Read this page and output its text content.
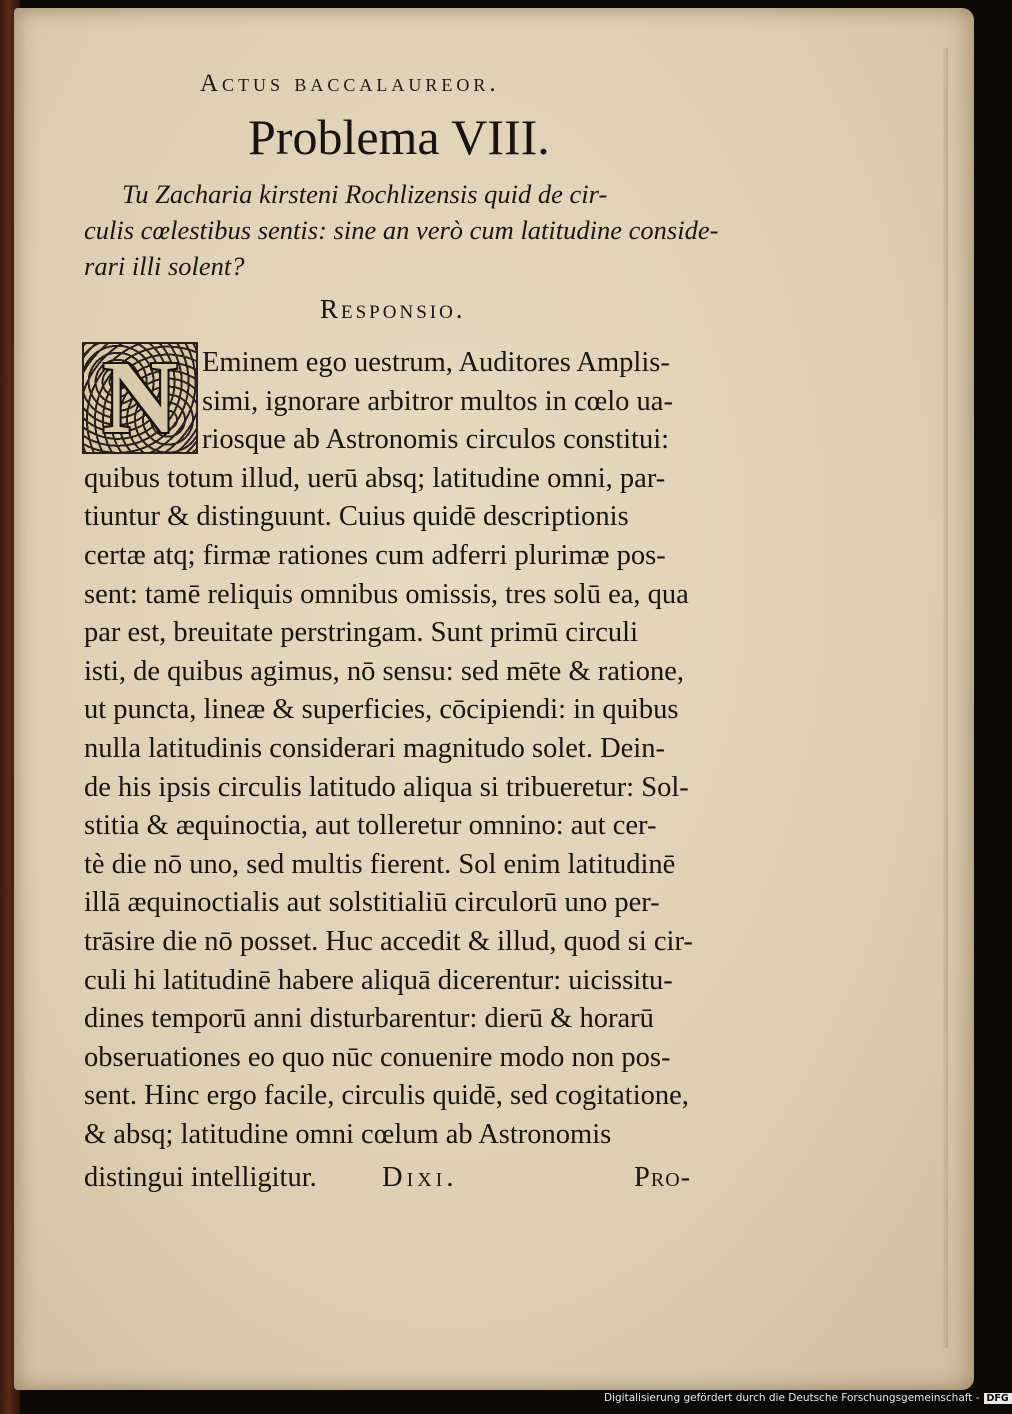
Actus baccalaureor.
Problema VIII.
Tu Zacharia kirsteni Rochlizensis quid de cir-
culis cœlestibus sentis: sine an verò cum latitudine conside-
rari illi solent?
Responsio.
N Eminem ego uestrum, Auditores Amplis-
simi, ignorare arbitror multos in cœlo ua-
riosque ab Astronomis circulos constitui:
quibus totum illud, uerū absq; latitudine omni, par-
tiuntur & distinguunt. Cuius quidē descriptionis
certæ atq; firmæ rationes cum adferri plurimæ pos-
sent: tamē reliquis omnibus omissis, tres solū ea, qua
par est, breuitate perstringam. Sunt primū circuli
isti, de quibus agimus, nō sensu: sed mēte & ratione,
ut puncta, lineæ & superficies, cōcipiendi: in quibus
nulla latitudinis considerari magnitudo solet. Dein-
de his ipsis circulis latitudo aliqua si tribueretur: Sol-
stitia & æquinoctia, aut tolleretur omnino: aut cer-
tè die nō uno, sed multis fierent. Sol enim latitudinē
illā æquinoctialis aut solstitialiū circulorū uno per-
trāsire die nō posset. Huc accedit & illud, quod si cir-
culi hi latitudinē habere aliquā dicerentur: uicissitu-
dines temporū anni disturbarentur: dierū & horarū
obseruationes eo quo nūc conuenire modo non pos-
sent. Hinc ergo facile, circulis quidē, sed cogitatione,
& absq; latitudine omni cœlum ab Astronomis
distingui intelligitur. Dixi.	Pro-
Digitalisierung gefördert durch die Deutsche Forschungsgemeinschaft - DFG
